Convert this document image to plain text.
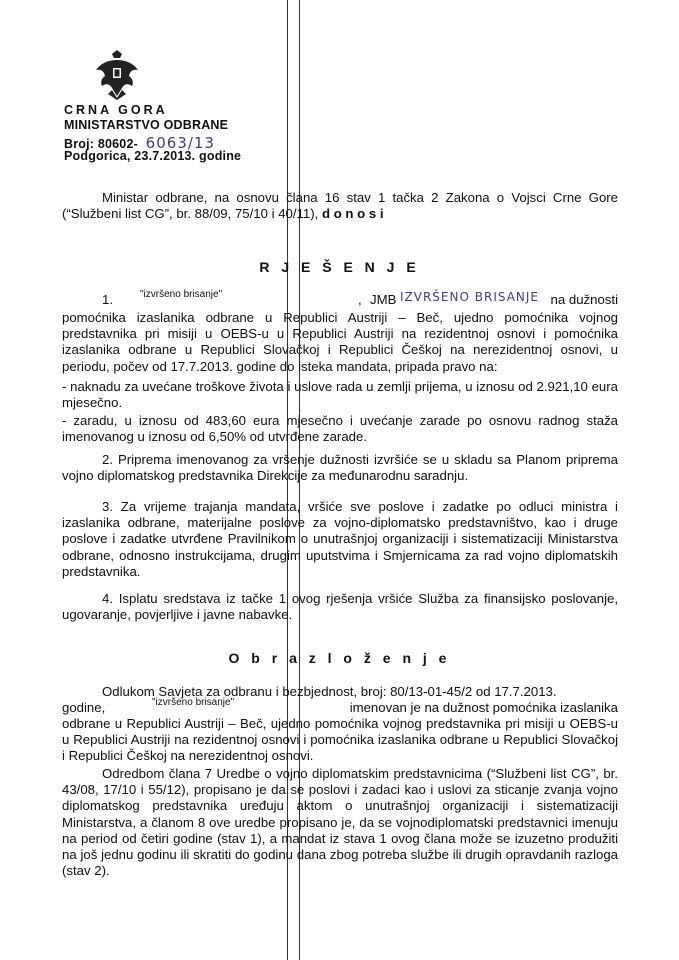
CRNA GORA
MINISTARSTVO ODBRANE
Broj: 80602- 6063/13
Podgorica, 23.7.2013. godine

Ministar odbrane, na osnovu člana 16 stav 1 tačka 2 Zakona o Vojsci Crne Gore (“Službeni list CG”, br. 88/09, 75/10 i 40/11), d o n o s i

R J E Š E N J E
1.	"izvršeno brisanje"	, JMB IZVRŠENO BRISANJE na dužnosti

pomoćnika izaslanika odbrane u Republici Austriji – Beč, ujedno pomoćnika vojnog predstavnika pri misiji u OEBS-u u Republici Austriji na rezidentnoj osnovi i pomoćnika izaslanika odbrane u Republici Slovačkoj i Republici Češkoj na nerezidentnoj osnovi, u periodu, počev od 17.7.2013. godine do isteka mandata, pripada pravo na:

- naknadu za uvećane troškove života i uslove rada u zemlji prijema, u iznosu od 2.921,10 eura mjesečno.

- zaradu, u iznosu od 483,60 eura mjesečno i uvećanje zarade po osnovu radnog staža imenovanog u iznosu od 6,50% od utvrđene zarade.

2. Priprema imenovanog za vršenje dužnosti izvršiće se u skladu sa Planom priprema vojno diplomatskog predstavnika Direkcije za međunarodnu saradnju.

3. Za vrijeme trajanja mandata, vršiće sve poslove i zadatke po odluci ministra i izaslanika odbrane, materijalne poslove za vojno-diplomatsko predstavništvo, kao i druge poslove i zadatke utvrđene Pravilnikom o unutrašnjoj organizaciji i sistematizaciji Ministarstva odbrane, odnosno instrukcijama, drugim uputstvima i Smjernicama za rad vojno diplomatskih predstavnika.

4. Isplatu sredstava iz tačke 1 ovog rješenja vršiće Služba za finansijsko poslovanje, ugovaranje, povjerljive i javne nabavke.

O b r a z l o ž e n j e

Odlukom Savjeta za odbranu i bezbjednost, broj: 80/13-01-45/2 od 17.7.2013.

godine,	"izvršeno brisanje"	imenovan je na dužnost pomoćnika izaslanika

odbrane u Republici Austriji – Beč, ujedno pomoćnika vojnog predstavnika pri misiji u OEBS-u u Republici Austriji na rezidentnoj osnovi i pomoćnika izaslanika odbrane u Republici Slovačkoj i Republici Češkoj na nerezidentnoj osnovi.

Odredbom člana 7 Uredbe o vojno diplomatskim predstavnicima (“Službeni list CG”, br. 43/08, 17/10 i 55/12), propisano je da se poslovi i zadaci kao i uslovi za sticanje zvanja vojno diplomatskog predstavnika uređuju aktom o unutrašnjoj organizaciji i sistematizaciji Ministarstva, a članom 8 ove uredbe propisano je, da se vojnodiplomatski predstavnici imenuju na period od četiri godine (stav 1), a mandat iz stava 1 ovog člana može se izuzetno produžiti na još jednu godinu ili skratiti do godinu dana zbog potreba službe ili drugih opravdanih razloga (stav 2).
